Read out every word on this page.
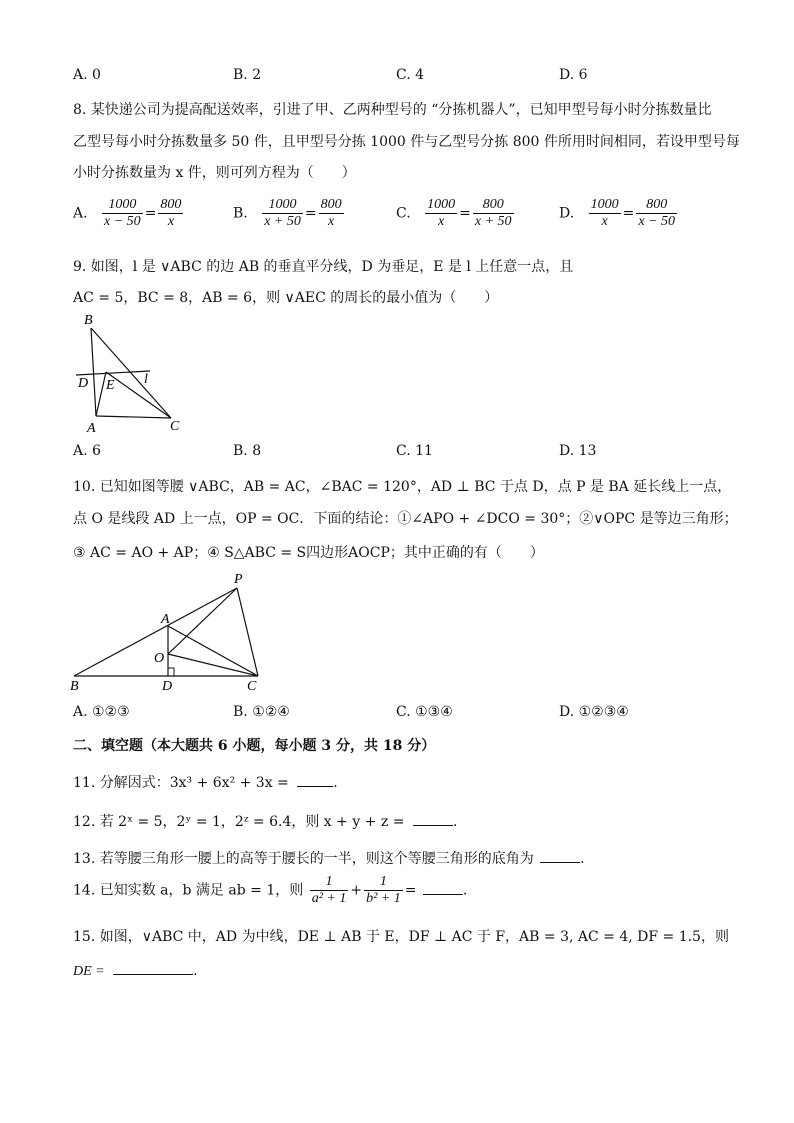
A. 0	B. 2	C. 4	D. 6
8. 某快递公司为提高配送效率，引进了甲、乙两种型号的 “分拣机器人”，已知甲型号每小时分拣数量比
乙型号每小时分拣数量多 50 件，且甲型号分拣 1000 件与乙型号分拣 800 件所用时间相同，若设甲型号每
小时分拣数量为 x 件，则可列方程为（　　）
A. $\frac{1000}{x - 50} = \frac{800}{x}$	B. $\frac{1000}{x + 50} = \frac{800}{x}$	C. $\frac{1000}{x} = \frac{800}{x + 50}$	D. $\frac{1000}{x} = \frac{800}{x - 50}$
9. 如图，l 是 ∨ABC 的边 AB 的垂直平分线，D 为垂足，E 是 l 上任意一点，且
AC = 5，BC = 8，AB = 6，则 ∨AEC 的周长的最小值为（　　）
B
D E l
A	C
A. 6	B. 8	C. 11	D. 13
10. 已知如图等腰 ∨ABC，AB = AC，∠BAC = 120°，AD ⊥ BC 于点 D，点 P 是 BA 延长线上一点，
点 O 是线段 AD 上一点，OP = OC．下面的结论：①∠APO + ∠DCO = 30°；②∨OPC 是等边三角形；
③ AC = AO + AP；④ S△ABC = S四边形AOCP；其中正确的有（　　）
P
A
O
B	D	C
A. ①②③	B. ①②④	C. ①③④	D. ①②③④
二、填空题（本大题共 6 小题，每小题 3 分，共 18 分）
11. 分解因式：3x³ + 6x² + 3x =	.
12. 若 2ˣ = 5，2ʸ = 1，2ᶻ = 6.4，则 x + y + z =	.
13. 若等腰三角形一腰上的高等于腰长的一半，则这个等腰三角形的底角为	.
14. 已知实数 a，b 满足 ab = 1，则 $\frac{1}{\text{a² + 1}} + \frac{1}{\text{b² + 1}}$ =	.
15. 如图，∨ABC 中，AD 为中线，DE ⊥ AB 于 E，DF ⊥ AC 于 F，AB = 3, AC = 4, DF = 1.5，则
DE =	.
